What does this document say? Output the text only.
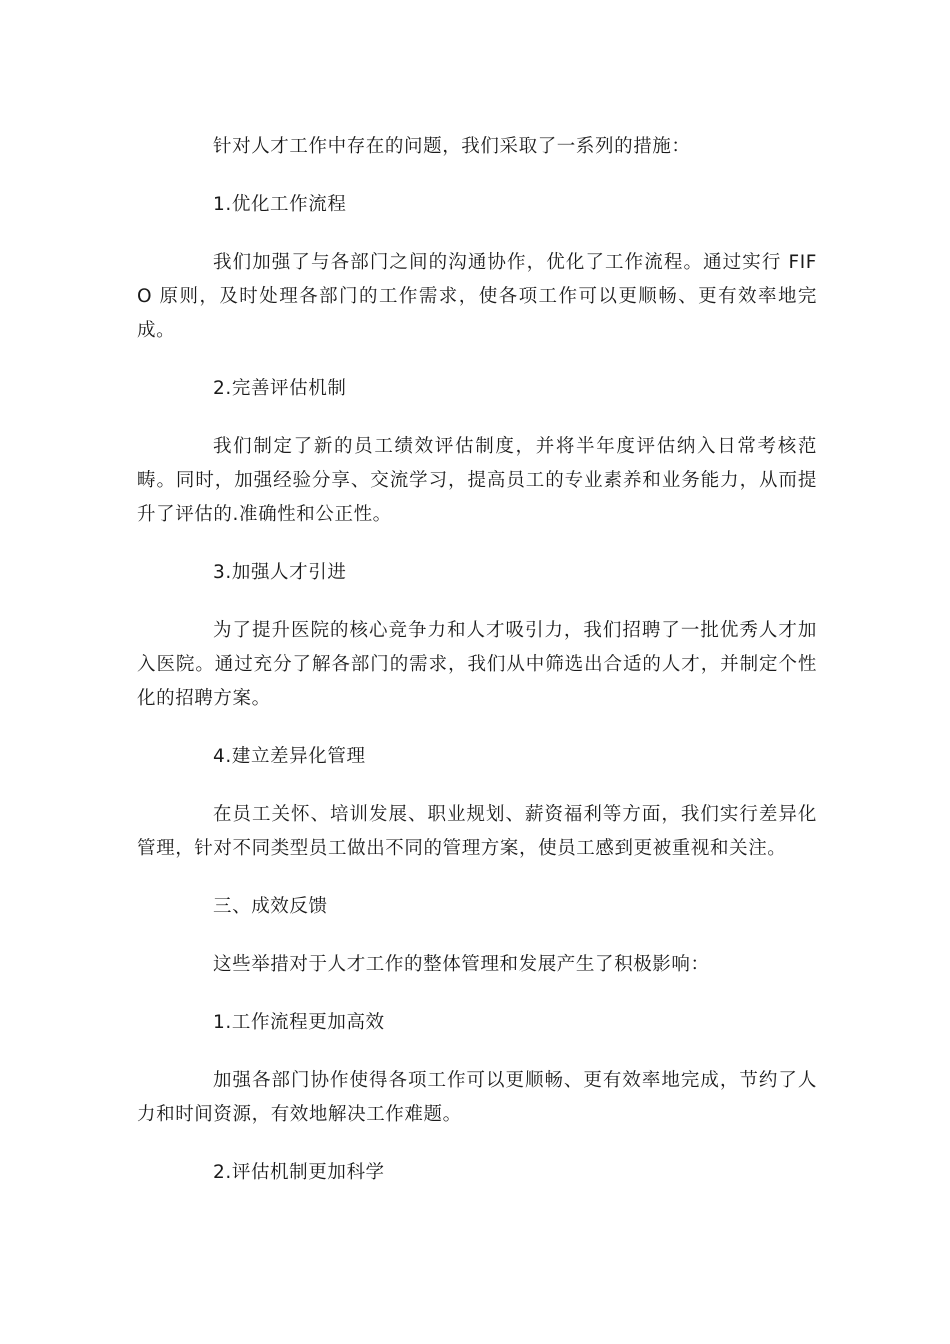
针对人才工作中存在的问题，我们采取了一系列的措施：

1.优化工作流程

我们加强了与各部门之间的沟通协作，优化了工作流程。通过实行 FIFO 原则，及时处理各部门的工作需求，使各项工作可以更顺畅、更有效率地完成。

2.完善评估机制

我们制定了新的员工绩效评估制度，并将半年度评估纳入日常考核范畴。同时，加强经验分享、交流学习，提高员工的专业素养和业务能力，从而提升了评估的.准确性和公正性。

3.加强人才引进

为了提升医院的核心竞争力和人才吸引力，我们招聘了一批优秀人才加入医院。通过充分了解各部门的需求，我们从中筛选出合适的人才，并制定个性化的招聘方案。

4.建立差异化管理

在员工关怀、培训发展、职业规划、薪资福利等方面，我们实行差异化管理，针对不同类型员工做出不同的管理方案，使员工感到更被重视和关注。

三、成效反馈

这些举措对于人才工作的整体管理和发展产生了积极影响：

1.工作流程更加高效

加强各部门协作使得各项工作可以更顺畅、更有效率地完成，节约了人力和时间资源，有效地解决工作难题。

2.评估机制更加科学
